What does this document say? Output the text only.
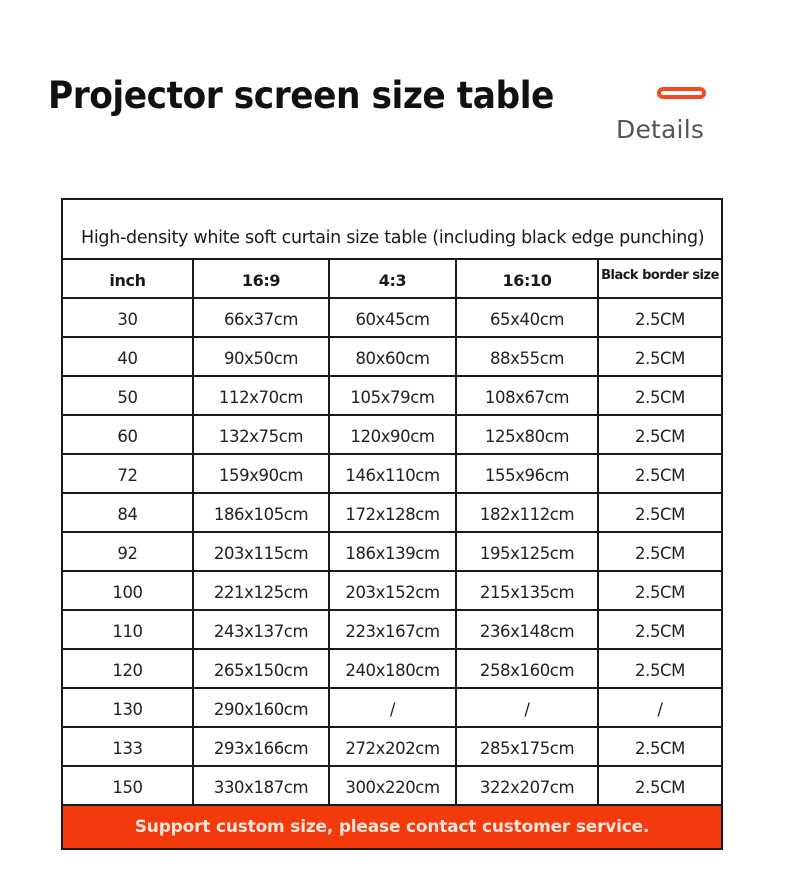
Projector screen size table
Details
High-density white soft curtain size table (including black edge punching)
inch	16:9	4:3	16:10	Black border size
30	66x37cm	60x45cm	65x40cm	2.5CM
40	90x50cm	80x60cm	88x55cm	2.5CM
50	112x70cm	105x79cm	108x67cm	2.5CM
60	132x75cm	120x90cm	125x80cm	2.5CM
72	159x90cm	146x110cm	155x96cm	2.5CM
84	186x105cm	172x128cm	182x112cm	2.5CM
92	203x115cm	186x139cm	195x125cm	2.5CM
100	221x125cm	203x152cm	215x135cm	2.5CM
110	243x137cm	223x167cm	236x148cm	2.5CM
120	265x150cm	240x180cm	258x160cm	2.5CM
130	290x160cm	/	/	/
133	293x166cm	272x202cm	285x175cm	2.5CM
150	330x187cm	300x220cm	322x207cm	2.5CM
Support custom size, please contact customer service.
